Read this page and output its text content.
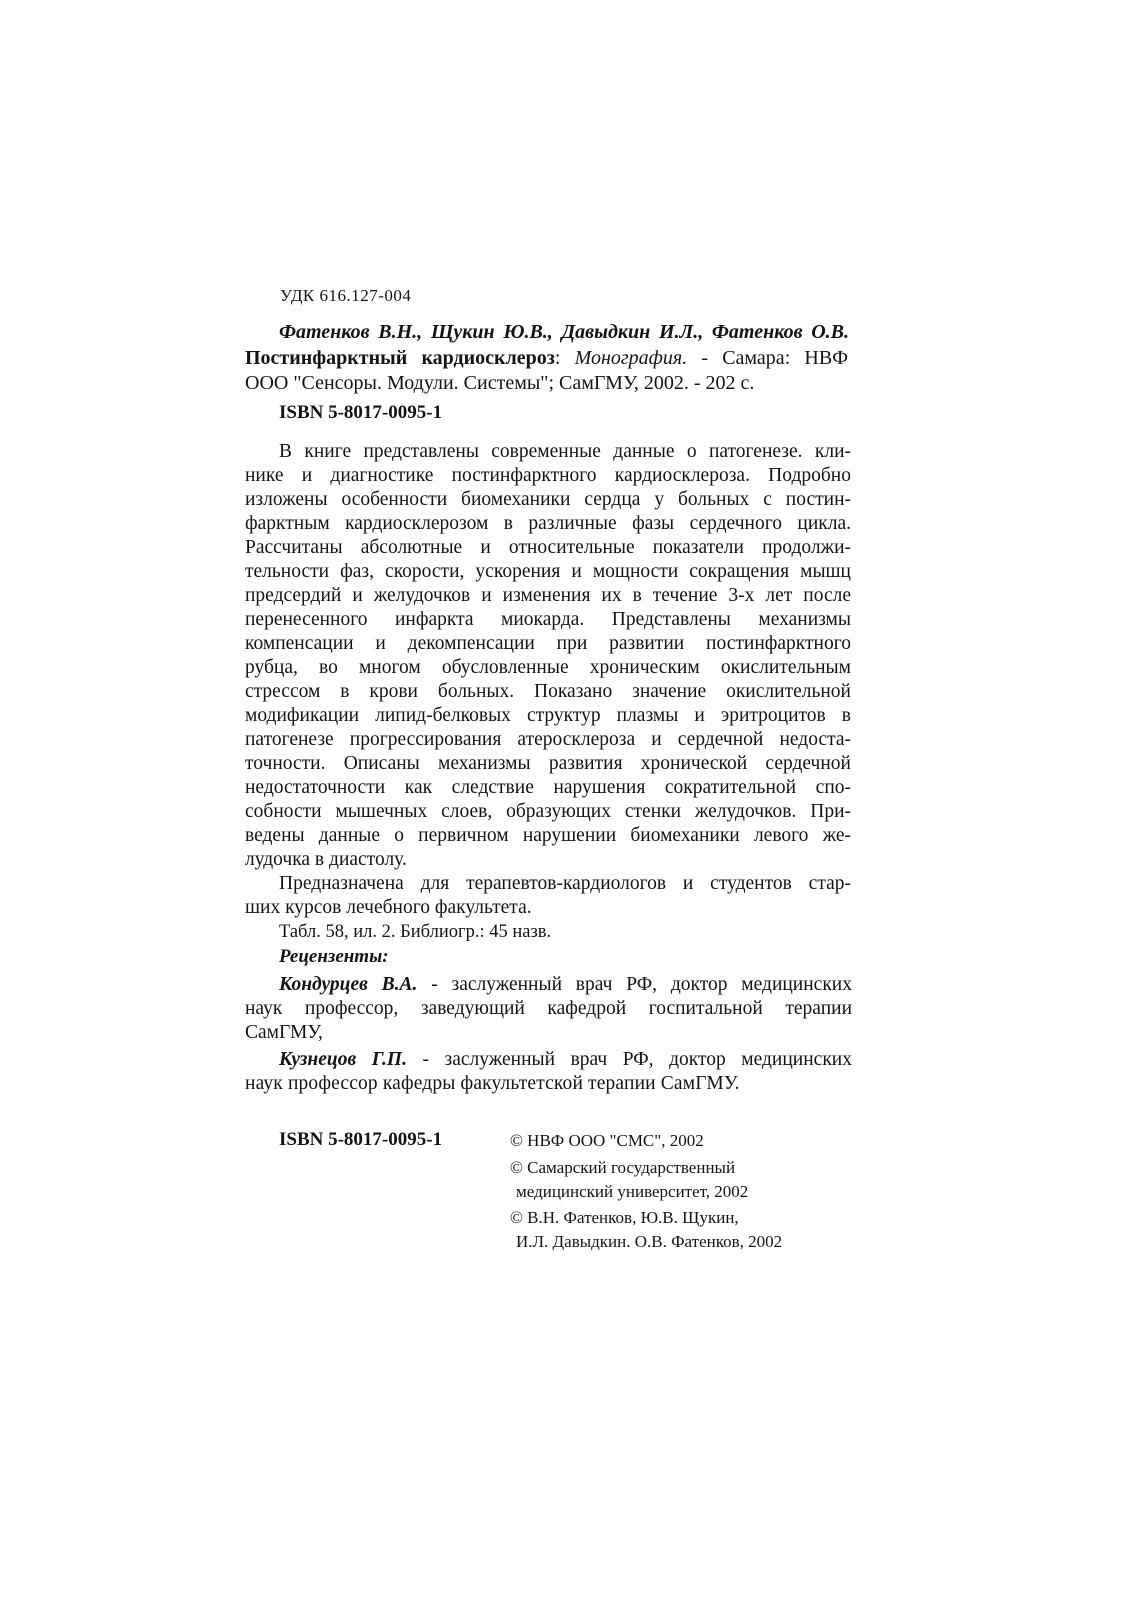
УДК 616.127-004
Фатенков В.Н., Щукин Ю.В., Давыдкин И.Л., Фатенков О.В.
Постинфарктный кардиосклероз: Монография. - Самара: НВФ
ООО "Сенсоры. Модули. Системы"; СамГМУ, 2002. - 202 с.
ISBN 5-8017-0095-1
В книге представлены современные данные о патогенезе. кли-
нике и диагностике постинфарктного кардиосклероза. Подробно
изложены особенности биомеханики сердца у больных с постин-
фарктным кардиосклерозом в различные фазы сердечного цикла.
Рассчитаны абсолютные и относительные показатели продолжи-
тельности фаз, скорости, ускорения и мощности сокращения мышц
предсердий и желудочков и изменения их в течение 3-х лет после
перенесенного инфаркта миокарда. Представлены механизмы
компенсации и декомпенсации при развитии постинфарктного
рубца, во многом обусловленные хроническим окислительным
стрессом в крови больных. Показано значение окислительной
модификации липид-белковых структур плазмы и эритроцитов в
патогенезе прогрессирования атеросклероза и сердечной недоста-
точности. Описаны механизмы развития хронической сердечной
недостаточности как следствие нарушения сократительной спо-
собности мышечных слоев, образующих стенки желудочков. При-
ведены данные о первичном нарушении биомеханики левого же-
лудочка в диастолу.
Предназначена для терапевтов-кардиологов и студентов стар-
ших курсов лечебного факультета.
Табл. 58, ил. 2. Библиогр.: 45 назв.
Рецензенты:
Кондурцев В.А. - заслуженный врач РФ, доктор медицинских
наук профессор, заведующий кафедрой госпитальной терапии
СамГМУ,
Кузнецов Г.П. - заслуженный врач РФ, доктор медицинских
наук профессор кафедры факультетской терапии СамГМУ.
ISBN 5-8017-0095-1	© НВФ ООО "СМС", 2002
© Самарский государственный
медицинский университет, 2002
© В.Н. Фатенков, Ю.В. Щукин,
И.Л. Давыдкин. О.В. Фатенков, 2002
